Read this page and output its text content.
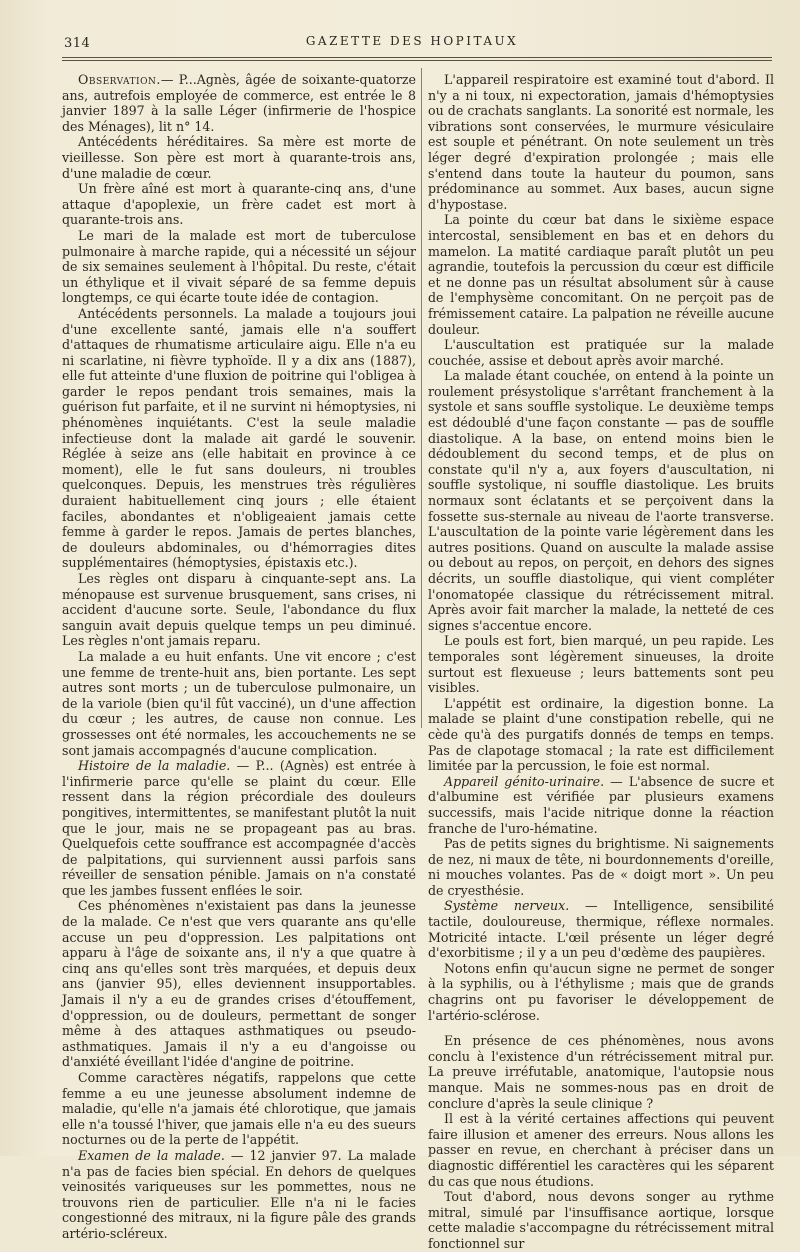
314	GAZETTE DES HOPITAUX

Observation.— P...Agnès, âgée de soixante-quatorze ans, autrefois employée de commerce, est entrée le 8 janvier 1897 à la salle Léger (infirmerie de l'hospice des Ménages), lit n° 14.

Antécédents héréditaires. Sa mère est morte de vieillesse. Son père est mort à quarante-trois ans, d'une maladie de cœur.

Un frère aîné est mort à quarante-cinq ans, d'une attaque d'apoplexie, un frère cadet est mort à quarante-trois ans.

Le mari de la malade est mort de tuberculose pulmonaire à marche rapide, qui a nécessité un séjour de six semaines seulement à l'hôpital. Du reste, c'était un éthylique et il vivait séparé de sa femme depuis longtemps, ce qui écarte toute idée de contagion.

Antécédents personnels. La malade a toujours joui d'une excellente santé, jamais elle n'a souffert d'attaques de rhumatisme articulaire aigu. Elle n'a eu ni scarlatine, ni fièvre typhoïde. Il y a dix ans (1887), elle fut atteinte d'une fluxion de poitrine qui l'obligea à garder le repos pendant trois semaines, mais la guérison fut parfaite, et il ne survint ni hémoptysies, ni phénomènes inquiétants. C'est la seule maladie infectieuse dont la malade ait gardé le souvenir. Réglée à seize ans (elle habitait en province à ce moment), elle le fut sans douleurs, ni troubles quelconques. Depuis, les menstrues très régulières duraient habituellement cinq jours ; elle étaient faciles, abondantes et n'obligeaient jamais cette femme à garder le repos. Jamais de pertes blanches, de douleurs abdominales, ou d'hémorragies dites supplémentaires (hémoptysies, épistaxis etc.).

Les règles ont disparu à cinquante-sept ans. La ménopause est survenue brusquement, sans crises, ni accident d'aucune sorte. Seule, l'abondance du flux sanguin avait depuis quelque temps un peu diminué. Les règles n'ont jamais reparu.

La malade a eu huit enfants. Une vit encore ; c'est une femme de trente-huit ans, bien portante. Les sept autres sont morts ; un de tuberculose pulmonaire, un de la variole (bien qu'il fût vacciné), un d'une affection du cœur ; les autres, de cause non connue. Les grossesses ont été normales, les accouchements ne se sont jamais accompagnés d'aucune complication.

Histoire de la maladie. — P... (Agnès) est entrée à l'infirmerie parce qu'elle se plaint du cœur. Elle ressent dans la région précordiale des douleurs pongitives, intermittentes, se manifestant plutôt la nuit que le jour, mais ne se propageant pas au bras. Quelquefois cette souffrance est accompagnée d'accès de palpitations, qui surviennent aussi parfois sans réveiller de sensation pénible. Jamais on n'a constaté que les jambes fussent enflées le soir.

Ces phénomènes n'existaient pas dans la jeunesse de la malade. Ce n'est que vers quarante ans qu'elle accuse un peu d'oppression. Les palpitations ont apparu à l'âge de soixante ans, il n'y a que quatre à cinq ans qu'elles sont très marquées, et depuis deux ans (janvier 95), elles deviennent insupportables. Jamais il n'y a eu de grandes crises d'étouffement, d'oppression, ou de douleurs, permettant de songer même à des attaques asthmatiques ou pseudo-asthmatiques. Jamais il n'y a eu d'angoisse ou d'anxiété éveillant l'idée d'angine de poitrine.

Comme caractères négatifs, rappelons que cette femme a eu une jeunesse absolument indemne de maladie, qu'elle n'a jamais été chlorotique, que jamais elle n'a toussé l'hiver, que jamais elle n'a eu des sueurs nocturnes ou de la perte de l'appétit.

Examen de la malade. — 12 janvier 97. La malade n'a pas de facies bien spécial. En dehors de quelques veinosités variqueuses sur les pommettes, nous ne trouvons rien de particulier. Elle n'a ni le facies congestionné des mitraux, ni la figure pâle des grands artério-scléreux.

L'appareil respiratoire est examiné tout d'abord. Il n'y a ni toux, ni expectoration, jamais d'hémoptysies ou de crachats sanglants. La sonorité est normale, les vibrations sont conservées, le murmure vésiculaire est souple et pénétrant. On note seulement un très léger degré d'expiration prolongée ; mais elle s'entend dans toute la hauteur du poumon, sans prédominance au sommet. Aux bases, aucun signe d'hypostase.

La pointe du cœur bat dans le sixième espace intercostal, sensiblement en bas et en dehors du mamelon. La matité cardiaque paraît plutôt un peu agrandie, toutefois la percussion du cœur est difficile et ne donne pas un résultat absolument sûr à cause de l'emphysème concomitant. On ne perçoit pas de frémissement cataire. La palpation ne réveille aucune douleur.

L'auscultation est pratiquée sur la malade couchée, assise et debout après avoir marché.

La malade étant couchée, on entend à la pointe un roulement présystolique s'arrêtant franchement à la systole et sans souffle systolique. Le deuxième temps est dédoublé d'une façon constante — pas de souffle diastolique. A la base, on entend moins bien le dédoublement du second temps, et de plus on constate qu'il n'y a, aux foyers d'auscultation, ni souffle systolique, ni souffle diastolique. Les bruits normaux sont éclatants et se perçoivent dans la fossette sus-sternale au niveau de l'aorte transverse. L'auscultation de la pointe varie légèrement dans les autres positions. Quand on ausculte la malade assise ou debout au repos, on perçoit, en dehors des signes décrits, un souffle diastolique, qui vient compléter l'onomatopée classique du rétrécissement mitral. Après avoir fait marcher la malade, la netteté de ces signes s'accentue encore.

Le pouls est fort, bien marqué, un peu rapide. Les temporales sont légèrement sinueuses, la droite surtout est flexueuse ; leurs battements sont peu visibles.

L'appétit est ordinaire, la digestion bonne. La malade se plaint d'une constipation rebelle, qui ne cède qu'à des purgatifs donnés de temps en temps. Pas de clapotage stomacal ; la rate est difficilement limitée par la percussion, le foie est normal.

Appareil génito-urinaire. — L'absence de sucre et d'albumine est vérifiée par plusieurs examens successifs, mais l'acide nitrique donne la réaction franche de l'uro-hématine.

Pas de petits signes du brightisme. Ni saignements de nez, ni maux de tête, ni bourdonnements d'oreille, ni mouches volantes. Pas de « doigt mort ». Un peu de cryesthésie.

Système nerveux. — Intelligence, sensibilité tactile, douloureuse, thermique, réflexe normales. Motricité intacte. L'œil présente un léger degré d'exorbitisme ; il y a un peu d'œdème des paupières.

Notons enfin qu'aucun signe ne permet de songer à la syphilis, ou à l'éthylisme ; mais que de grands chagrins ont pu favoriser le développement de l'artério-sclérose.

En présence de ces phénomènes, nous avons conclu à l'existence d'un rétrécissement mitral pur. La preuve irréfutable, anatomique, l'autopsie nous manque. Mais ne sommes-nous pas en droit de conclure d'après la seule clinique ?

Il est à la vérité certaines affections qui peuvent faire illusion et amener des erreurs. Nous allons les passer en revue, en cherchant à préciser dans un diagnostic différentiel les caractères qui les séparent du cas que nous étudions.

Tout d'abord, nous devons songer au rythme mitral, simulé par l'insuffisance aortique, lorsque cette maladie s'accompagne du rétrécissement mitral fonctionnel sur
